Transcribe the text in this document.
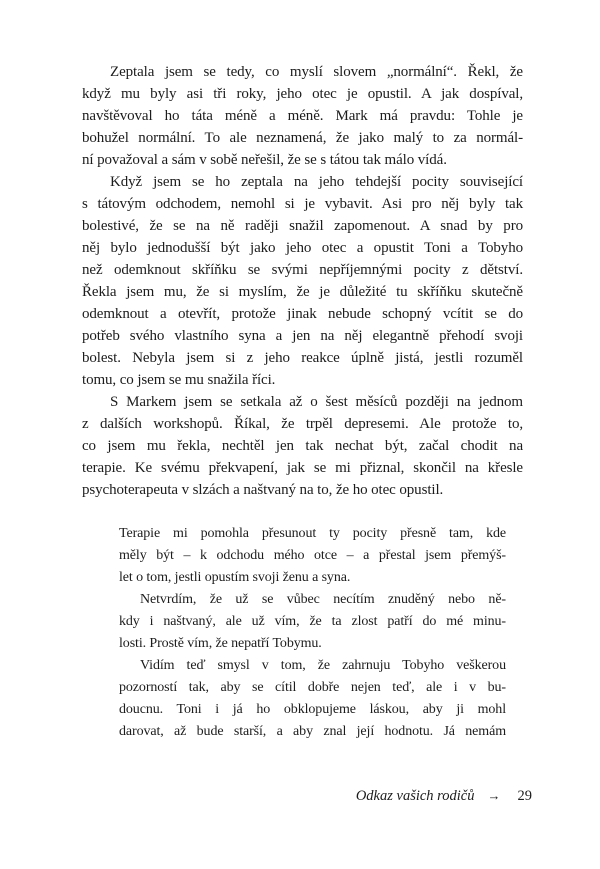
Zeptala jsem se tedy, co myslí slovem „normální“. Řekl, že
když mu byly asi tři roky, jeho otec je opustil. A jak dospíval,
navštěvoval ho táta méně a méně. Mark má pravdu: Tohle je
bohužel normální. To ale neznamená, že jako malý to za normál-
ní považoval a sám v sobě neřešil, že se s tátou tak málo vídá.
Když jsem se ho zeptala na jeho tehdejší pocity související
s tátovým odchodem, nemohl si je vybavit. Asi pro něj byly tak
bolestivé, že se na ně raději snažil zapomenout. A snad by pro
něj bylo jednodušší být jako jeho otec a opustit Toni a Tobyho
než odemknout skříňku se svými nepříjemnými pocity z dětství.
Řekla jsem mu, že si myslím, že je důležité tu skříňku skutečně
odemknout a otevřít, protože jinak nebude schopný vcítit se do
potřeb svého vlastního syna a jen na něj elegantně přehodí svoji
bolest. Nebyla jsem si z jeho reakce úplně jistá, jestli rozuměl
tomu, co jsem se mu snažila říci.
S Markem jsem se setkala až o šest měsíců později na jednom
z dalších workshopů. Říkal, že trpěl depresemi. Ale protože to,
co jsem mu řekla, nechtěl jen tak nechat být, začal chodit na
terapie. Ke svému překvapení, jak se mi přiznal, skončil na křesle
psychoterapeuta v slzách a naštvaný na to, že ho otec opustil.
Terapie mi pomohla přesunout ty pocity přesně tam, kde
měly být – k odchodu mého otce – a přestal jsem přemýš-
let o tom, jestli opustím svoji ženu a syna.
Netvrdím, že už se vůbec necítím znuděný nebo ně-
kdy i naštvaný, ale už vím, že ta zlost patří do mé minu-
losti. Prostě vím, že nepatří Tobymu.
Vidím teď smysl v tom, že zahrnuju Tobyho veškerou
pozorností tak, aby se cítil dobře nejen teď, ale i v bu-
doucnu. Toni i já ho obklopujeme láskou, aby ji mohl
darovat, až bude starší, a aby znal její hodnotu. Já nemám
Odkaz vašich rodičů → 29
